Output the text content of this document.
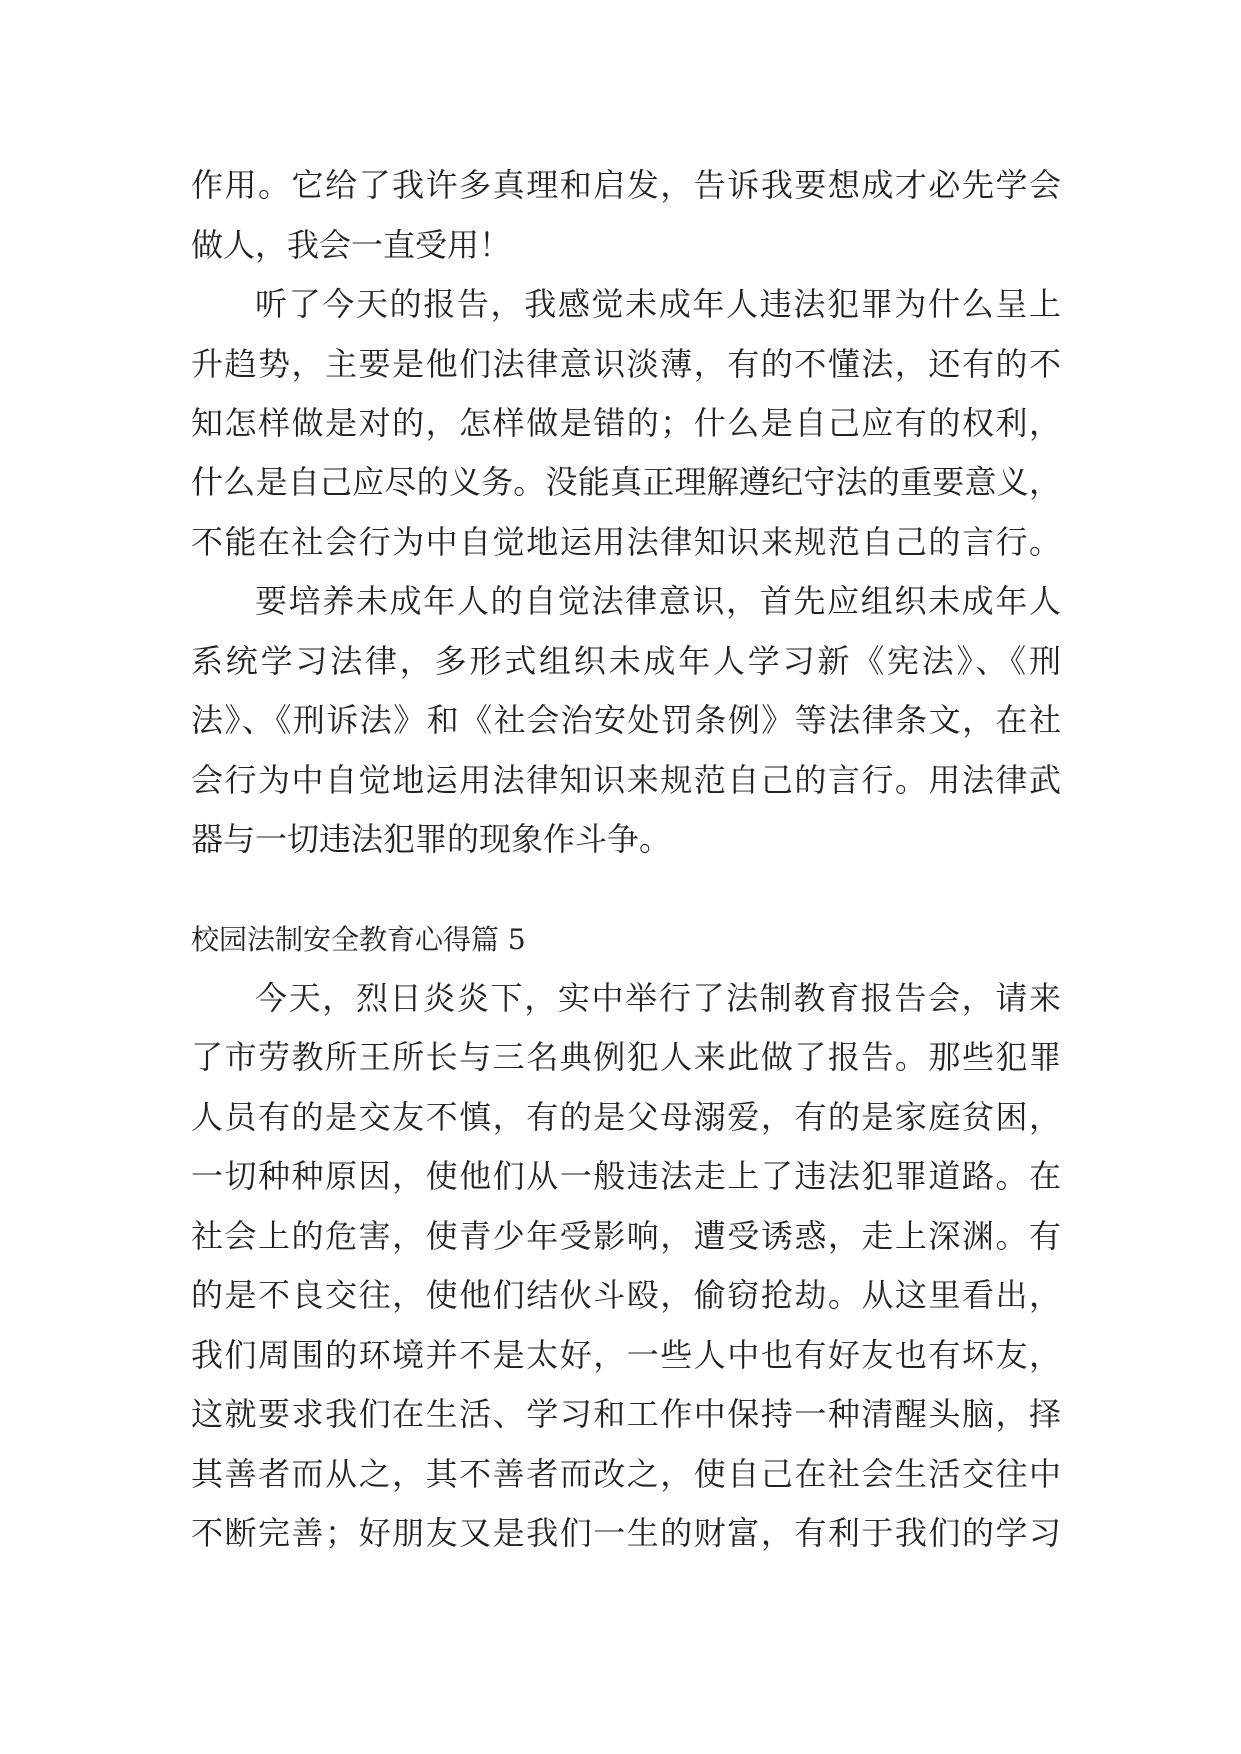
作用。它给了我许多真理和启发，告诉我要想成才必先学会

做人，我会一直受用！

听了今天的报告，我感觉未成年人违法犯罪为什么呈上

升趋势，主要是他们法律意识淡薄，有的不懂法，还有的不

知怎样做是对的，怎样做是错的；什么是自己应有的权利，

什么是自己应尽的义务。没能真正理解遵纪守法的重要意义，

不能在社会行为中自觉地运用法律知识来规范自己的言行。

要培养未成年人的自觉法律意识，首先应组织未成年人

系统学习法律，多形式组织未成年人学习新《宪法》、《刑

法》、《刑诉法》和《社会治安处罚条例》等法律条文，在社

会行为中自觉地运用法律知识来规范自己的言行。用法律武

器与一切违法犯罪的现象作斗争。

校园法制安全教育心得篇 5

今天，烈日炎炎下，实中举行了法制教育报告会，请来

了市劳教所王所长与三名典例犯人来此做了报告。那些犯罪

人员有的是交友不慎，有的是父母溺爱，有的是家庭贫困，

一切种种原因，使他们从一般违法走上了违法犯罪道路。在

社会上的危害，使青少年受影响，遭受诱惑，走上深渊。有

的是不良交往，使他们结伙斗殴，偷窃抢劫。从这里看出，

我们周围的环境并不是太好，一些人中也有好友也有坏友，

这就要求我们在生活、学习和工作中保持一种清醒头脑，择

其善者而从之，其不善者而改之，使自己在社会生活交往中

不断完善；好朋友又是我们一生的财富，有利于我们的学习
